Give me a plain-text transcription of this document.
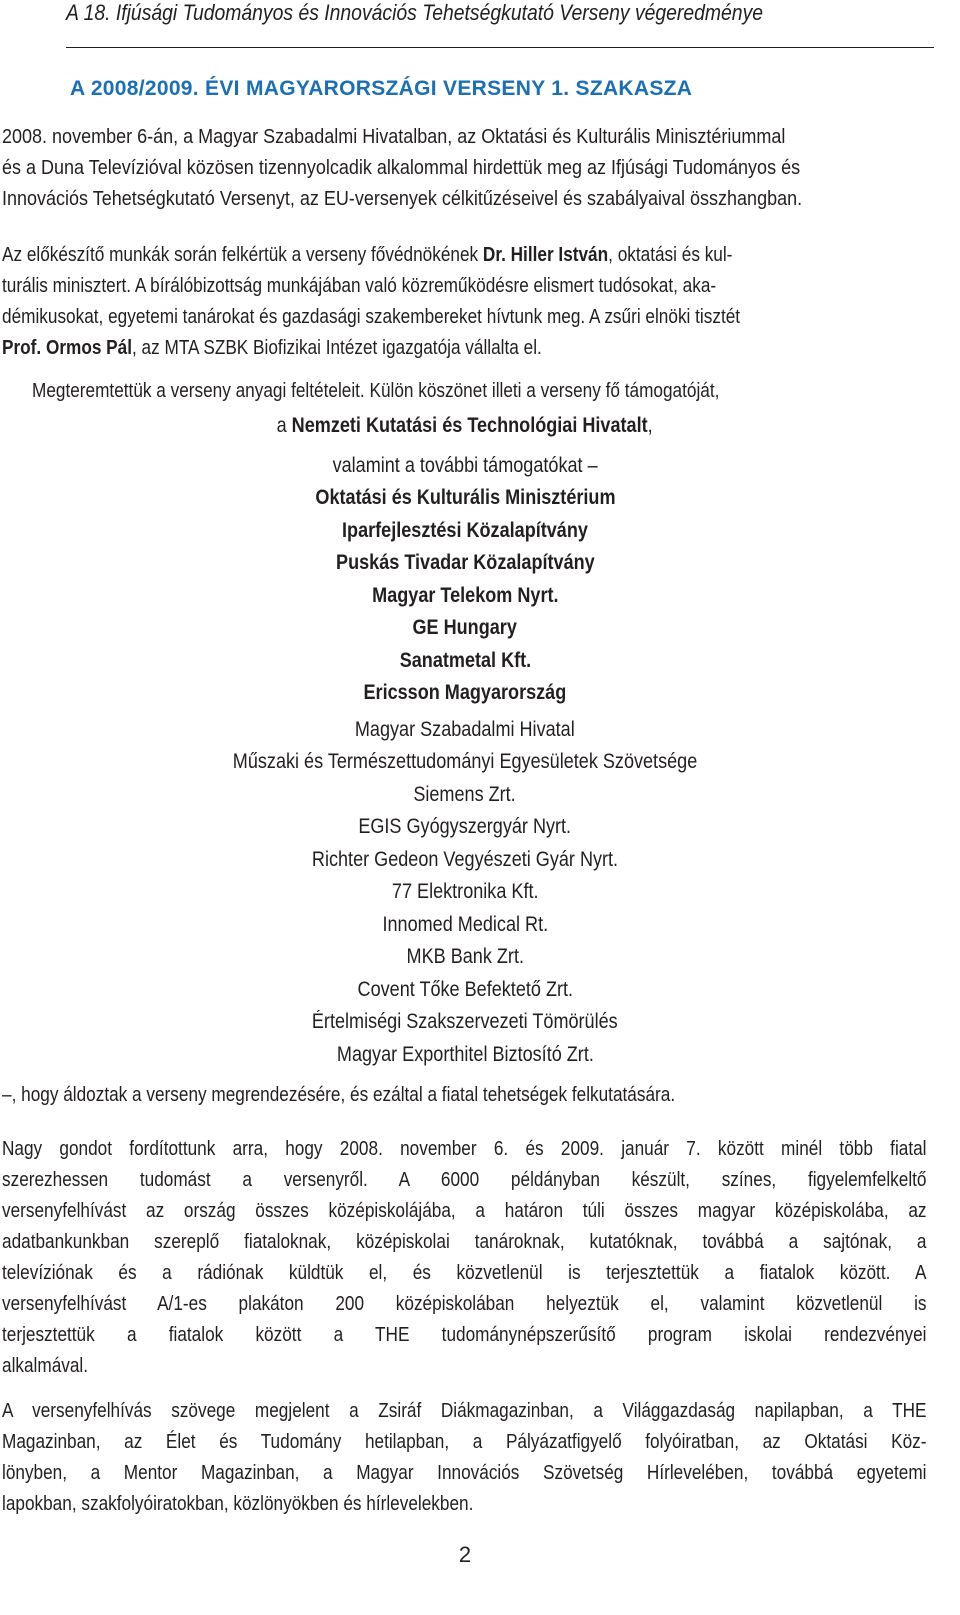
A 18. Ifjúsági Tudományos és Innovációs Tehetségkutató Verseny végeredménye
A 2008/2009. ÉVI MAGYARORSZÁGI VERSENY 1. SZAKASZA
2008. november 6-án, a Magyar Szabadalmi Hivatalban, az Oktatási és Kulturális Minisztériummal
és a Duna Televízióval közösen tizennyolcadik alkalommal hirdettük meg az Ifjúsági Tudományos és
Innovációs Tehetségkutató Versenyt, az EU-versenyek célkitűzéseivel és szabályaival összhangban.
Az előkészítő munkák során felkértük a verseny fővédnökének Dr. Hiller István, oktatási és kul-
turális minisztert. A bírálóbizottság munkájában való közreműködésre elismert tudósokat, aka-
démikusokat, egyetemi tanárokat és gazdasági szakembereket hívtunk meg. A zsűri elnöki tisztét
Prof. Ormos Pál, az MTA SZBK Biofizikai Intézet igazgatója vállalta el.
Megteremtettük a verseny anyagi feltételeit. Külön köszönet illeti a verseny fő támogatóját,
a Nemzeti Kutatási és Technológiai Hivatalt,
valamint a további támogatókat –
Oktatási és Kulturális Minisztérium
Iparfejlesztési Közalapítvány
Puskás Tivadar Közalapítvány
Magyar Telekom Nyrt.
GE Hungary
Sanatmetal Kft.
Ericsson Magyarország
Magyar Szabadalmi Hivatal
Műszaki és Természettudományi Egyesületek Szövetsége
Siemens Zrt.
EGIS Gyógyszergyár Nyrt.
Richter Gedeon Vegyészeti Gyár Nyrt.
77 Elektronika Kft.
Innomed Medical Rt.
MKB Bank Zrt.
Covent Tőke Befektető Zrt.
Értelmiségi Szakszervezeti Tömörülés
Magyar Exporthitel Biztosító Zrt.
–, hogy áldoztak a verseny megrendezésére, és ezáltal a fiatal tehetségek felkutatására.
Nagy gondot fordítottunk arra, hogy 2008. november 6. és 2009. január 7. között minél több fiatal
szerezhessen tudomást a versenyről. A 6000 példányban készült, színes, figyelemfelkeltő
versenyfelhívást az ország összes középiskolájába, a határon túli összes magyar középiskolába, az
adatbankunkban szereplő fiataloknak, középiskolai tanároknak, kutatóknak, továbbá a sajtónak, a
televíziónak és a rádiónak küldtük el, és közvetlenül is terjesztettük a fiatalok között. A
versenyfelhívást A/1-es plakáton 200 középiskolában helyeztük el, valamint közvetlenül is
terjesztettük a fiatalok között a THE tudománynépszerűsítő program iskolai rendezvényei
alkalmával.
A versenyfelhívás szövege megjelent a Zsiráf Diákmagazinban, a Világgazdaság napilapban, a THE
Magazinban, az Élet és Tudomány hetilapban, a Pályázatfigyelő folyóiratban, az Oktatási Köz-
lönyben, a Mentor Magazinban, a Magyar Innovációs Szövetség Hírlevelében, továbbá egyetemi
lapokban, szakfolyóiratokban, közlönyökben és hírlevelekben.
2
